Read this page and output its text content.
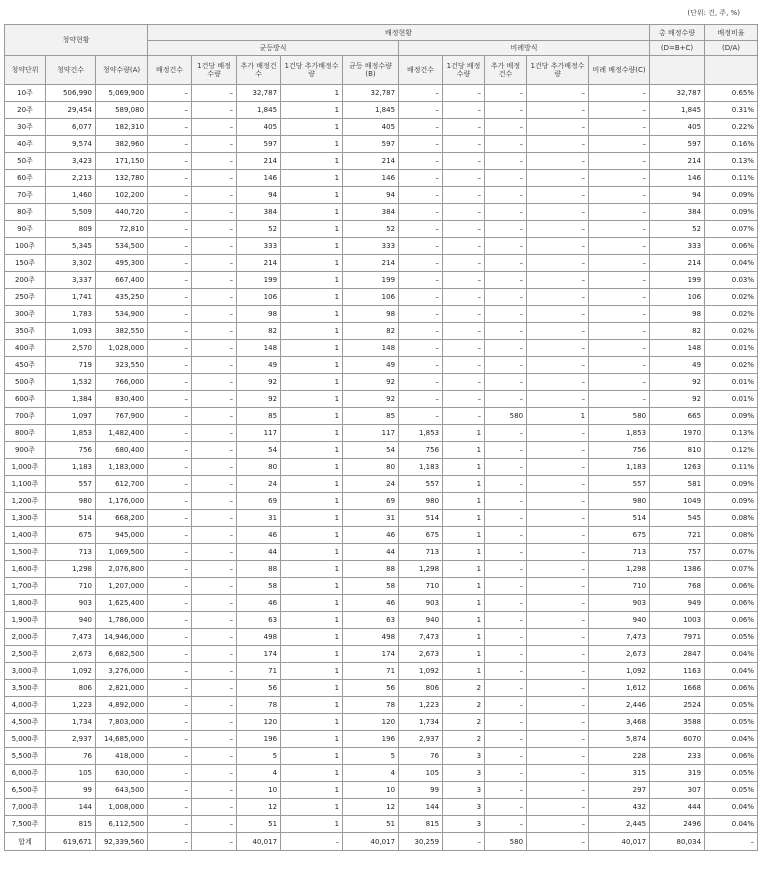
(단위: 건, 주, %)
청약현황			배정현황										총 배정수량	배정비율
			균등방식					비례방식					(D=B+C)	(D/A)
청약단위	청약건수	청약수량(A)	배정건수	1건당 배정수량	추가 배정건수	1건당 추가배정수량	균등 배정수량(B)	배정건수	1건당 배정수량	추가 배정건수	1건당 추가배정수량	비례 배정수량(C)		
10주	506,990	5,069,900	–	–	32,787	1	32,787	–	–	–	–	–	32,787	0.65%
20주	29,454	589,080	–	–	1,845	1	1,845	–	–	–	–	–	1,845	0.31%
30주	6,077	182,310	–	–	405	1	405	–	–	–	–	–	405	0.22%
40주	9,574	382,960	–	–	597	1	597	–	–	–	–	–	597	0.16%
50주	3,423	171,150	–	–	214	1	214	–	–	–	–	–	214	0.13%
60주	2,213	132,780	–	–	146	1	146	–	–	–	–	–	146	0.11%
70주	1,460	102,200	–	–	94	1	94	–	–	–	–	–	94	0.09%
80주	5,509	440,720	–	–	384	1	384	–	–	–	–	–	384	0.09%
90주	809	72,810	–	–	52	1	52	–	–	–	–	–	52	0.07%
100주	5,345	534,500	–	–	333	1	333	–	–	–	–	–	333	0.06%
150주	3,302	495,300	–	–	214	1	214	–	–	–	–	–	214	0.04%
200주	3,337	667,400	–	–	199	1	199	–	–	–	–	–	199	0.03%
250주	1,741	435,250	–	–	106	1	106	–	–	–	–	–	106	0.02%
300주	1,783	534,900	–	–	98	1	98	–	–	–	–	–	98	0.02%
350주	1,093	382,550	–	–	82	1	82	–	–	–	–	–	82	0.02%
400주	2,570	1,028,000	–	–	148	1	148	–	–	–	–	–	148	0.01%
450주	719	323,550	–	–	49	1	49	–	–	–	–	–	49	0.02%
500주	1,532	766,000	–	–	92	1	92	–	–	–	–	–	92	0.01%
600주	1,384	830,400	–	–	92	1	92	–	–	–	–	–	92	0.01%
700주	1,097	767,900	–	–	85	1	85	–	–	580	1	580	665	0.09%
800주	1,853	1,482,400	–	–	117	1	117	1,853	1	–	–	1,853	1970	0.13%
900주	756	680,400	–	–	54	1	54	756	1	–	–	756	810	0.12%
1,000주	1,183	1,183,000	–	–	80	1	80	1,183	1	–	–	1,183	1263	0.11%
1,100주	557	612,700	–	–	24	1	24	557	1	–	–	557	581	0.09%
1,200주	980	1,176,000	–	–	69	1	69	980	1	–	–	980	1049	0.09%
1,300주	514	668,200	–	–	31	1	31	514	1	–	–	514	545	0.08%
1,400주	675	945,000	–	–	46	1	46	675	1	–	–	675	721	0.08%
1,500주	713	1,069,500	–	–	44	1	44	713	1	–	–	713	757	0.07%
1,600주	1,298	2,076,800	–	–	88	1	88	1,298	1	–	–	1,298	1386	0.07%
1,700주	710	1,207,000	–	–	58	1	58	710	1	–	–	710	768	0.06%
1,800주	903	1,625,400	–	–	46	1	46	903	1	–	–	903	949	0.06%
1,900주	940	1,786,000	–	–	63	1	63	940	1	–	–	940	1003	0.06%
2,000주	7,473	14,946,000	–	–	498	1	498	7,473	1	–	–	7,473	7971	0.05%
2,500주	2,673	6,682,500	–	–	174	1	174	2,673	1	–	–	2,673	2847	0.04%
3,000주	1,092	3,276,000	–	–	71	1	71	1,092	1	–	–	1,092	1163	0.04%
3,500주	806	2,821,000	–	–	56	1	56	806	2	–	–	1,612	1668	0.06%
4,000주	1,223	4,892,000	–	–	78	1	78	1,223	2	–	–	2,446	2524	0.05%
4,500주	1,734	7,803,000	–	–	120	1	120	1,734	2	–	–	3,468	3588	0.05%
5,000주	2,937	14,685,000	–	–	196	1	196	2,937	2	–	–	5,874	6070	0.04%
5,500주	76	418,000	–	–	5	1	5	76	3	–	–	228	233	0.06%
6,000주	105	630,000	–	–	4	1	4	105	3	–	–	315	319	0.05%
6,500주	99	643,500	–	–	10	1	10	99	3	–	–	297	307	0.05%
7,000주	144	1,008,000	–	–	12	1	12	144	3	–	–	432	444	0.04%
7,500주	815	6,112,500	–	–	51	1	51	815	3	–	–	2,445	2496	0.04%
합계	619,671	92,339,560	–	–	40,017	–	40,017	30,259	–	580	–	40,017	80,034	–
